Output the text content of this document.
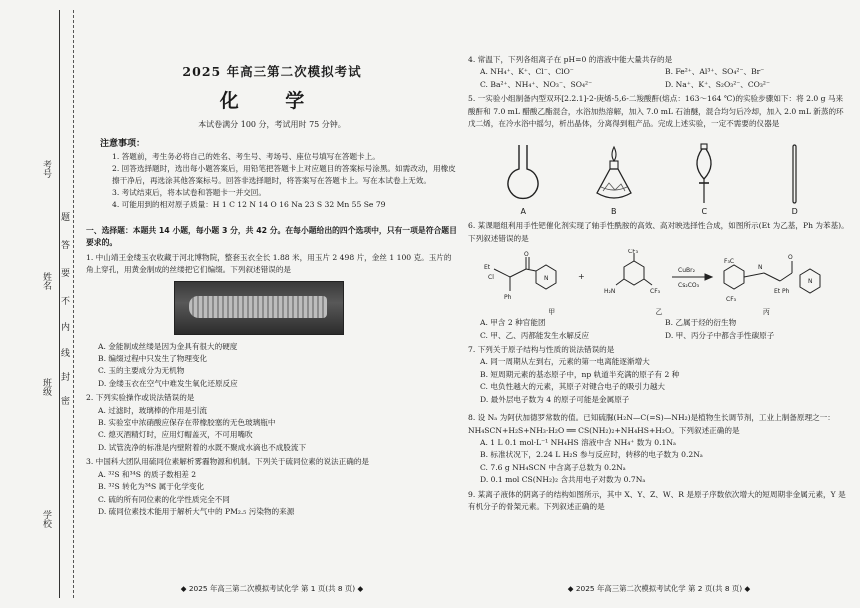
考号
姓名
班级
学校
题
答
要
不
内
线
封
密
2025 年高三第二次模拟考试
化 学
本试卷满分 100 分，考试用时 75 分钟。
注意事项：
1. 答题前，考生务必将自己的姓名、考生号、考场号、座位号填写在答题卡上。
2. 回答选择题时，选出每小题答案后，用铅笔把答题卡上对应题目的答案标号涂黑。如需改动，用橡皮擦干净后，再选涂其他答案标号。回答非选择题时，将答案写在答题卡上。写在本试卷上无效。
3. 考试结束后，将本试卷和答题卡一并交回。
4. 可能用到的相对原子质量：H 1 C 12 N 14 O 16 Na 23 S 32 Mn 55 Se 79
一、选择题：本题共 14 小题，每小题 3 分，共 42 分。在每小题给出的四个选项中，只有一项是符合题目要求的。
1. 中山靖王金缕玉衣收藏于河北博物院，整套玉衣全长 1.88 米，用玉片 2 498 片，金丝 1 100 克。玉片的角上穿孔，用黄金制成的丝缕把它们编缀。下列叙述错误的是
A. 金能制成丝缕是因为金具有很大的硬度
B. 编缀过程中只发生了物理变化
C. 玉的主要成分为无机物
D. 金缕玉衣在空气中难发生氧化还原反应
2. 下列实验操作或说法错误的是
A. 过滤时，玻璃棒的作用是引流
B. 实验室中浓硝酸应保存在带橡胶塞的无色玻璃瓶中
C. 熄灭酒精灯时，应用灯帽盖灭，不可用嘴吹
D. 试管洗净的标准是内壁附着的水既不聚成水滴也不成股流下
3. 中国科大团队用硫同位素解析雾霾物源和机制。下列关于硫同位素的说法正确的是
A. ³²S 和³⁴S 的质子数相差 2
B. ³²S 转化为³⁴S 属于化学变化
C. 硫的所有同位素的化学性质完全不同
D. 硫同位素技术能用于解析大气中的 PM₂.₅ 污染物的来源
◆ 2025 年高三第二次模拟考试化学 第 1 页(共 8 页) ◆
4. 常温下，下列各组离子在 pH=0 的溶液中能大量共存的是
A. NH₄⁺、K⁺、Cl⁻、ClO⁻	B. Fe²⁺、Al³⁺、SO₄²⁻、Br⁻
C. Ba²⁺、NH₄⁺、NO₃⁻、SO₄²⁻	D. Na⁺、K⁺、S₂O₃²⁻、CO₃²⁻
5. 一实验小组制备内型双环[2.2.1]-2-庚烯-5,6-二羧酸酐(熔点：163～164 ℃)的实验步骤如下：将 2.0 g 马来酸酐和 7.0 mL 醋酸乙酯混合，水浴加热溶解，加入 7.0 mL 石油醚，混合均匀后冷却，加入 2.0 mL 新蒸的环戊二烯，在冷水浴中摇匀，析出晶体，分离得到粗产品。完成上述实验，一定不需要的仪器是
A	B	C	D
6. 某课题组利用手性钯催化剂实现了轴手性酰胺的高效、高对映选择性合成，如图所示(Et 为乙基，Ph 为苯基)。下列叙述错误的是
Et
Cl
Ph
O
N	+
CF₃
CF₃
H₂N
CuBr₂
Cs₂CO₃
F₃C
CF₃
N
O
N
Et Ph
甲	乙	丙
A. 甲含 2 种官能团	B. 乙属于烃的衍生物
C. 甲、乙、丙都能发生水解反应	D. 甲、丙分子中都含手性碳原子
7. 下列关于原子结构与性质的说法错误的是
A. 同一周期从左到右，元素的第一电离能逐渐增大
B. 短周期元素的基态原子中，np 轨道半充满的原子有 2 种
C. 电负性越大的元素，其原子对键合电子的吸引力越大
D. 最外层电子数为 4 的原子可能是金属原子
8. 设 Nₐ 为阿伏加德罗常数的值。已知硫脲(H₂N—C(=S)—NH₂)是植物生长调节剂，工业上制备原理之一：NH₄SCN+H₂S+NH₃·H₂O ══ CS(NH₂)₂+NH₄HS+H₂O。下列叙述正确的是
A. 1 L 0.1 mol·L⁻¹ NH₄HS 溶液中含 NH₄⁺ 数为 0.1Nₐ
B. 标准状况下，2.24 L H₂S 参与反应时，转移的电子数为 0.2Nₐ
C. 7.6 g NH₄SCN 中含离子总数为 0.2Nₐ
D. 0.1 mol CS(NH₂)₂ 含共用电子对数为 0.7Nₐ
9. 某离子液体的阴离子的结构如图所示，其中 X、Y、Z、W、R 是原子序数依次增大的短周期非金属元素，Y 是有机分子的骨架元素。下列叙述正确的是
◆ 2025 年高三第二次模拟考试化学 第 2 页(共 8 页) ◆
